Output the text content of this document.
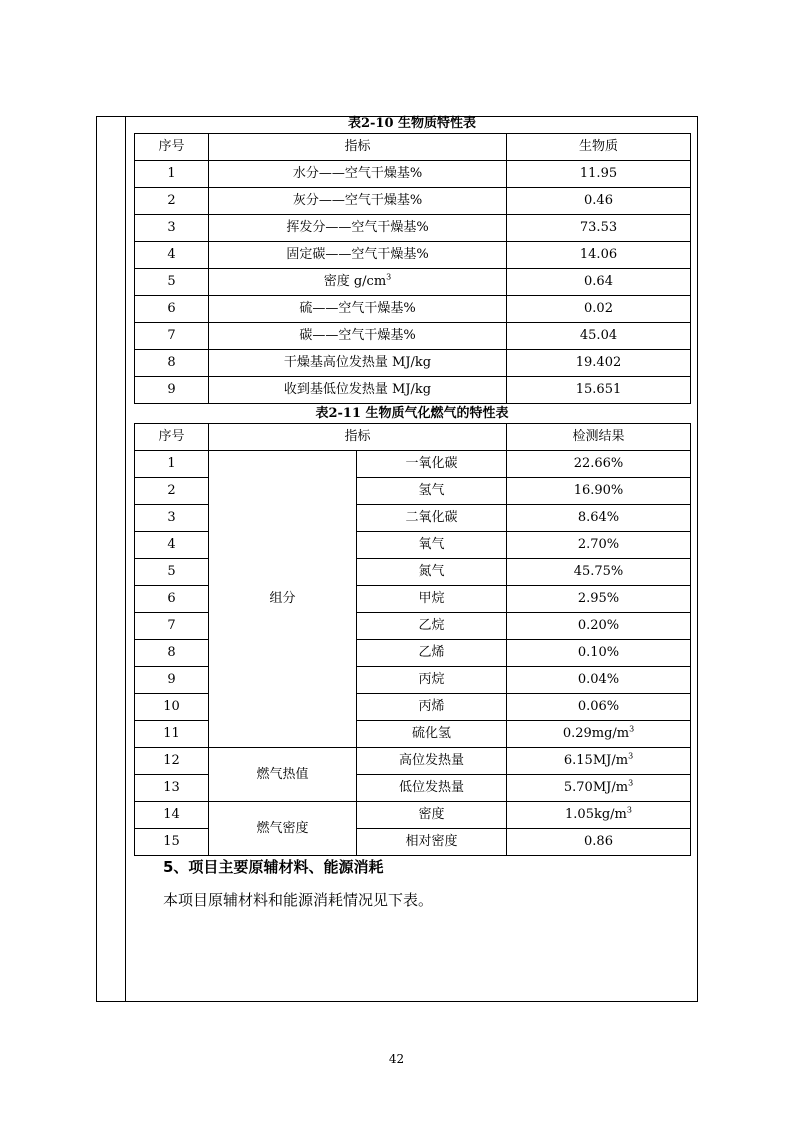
表2-10 生物质特性表
序号	指标	生物质
1	水分——空气干燥基%	11.95
2	灰分——空气干燥基%	0.46
3	挥发分——空气干燥基%	73.53
4	固定碳——空气干燥基%	14.06
5	密度 $g/cm^3$	0.64
6	硫——空气干燥基%	0.02
7	碳——空气干燥基%	45.04
8	干燥基高位发热量 MJ/kg	19.402
9	收到基低位发热量 MJ/kg	15.651
表2-11 生物质气化燃气的特性表
序号	指标		检测结果
1	组分	一氧化碳	22.66%
2		氢气	16.90%
3		二氧化碳	8.64%
4		氧气	2.70%
5		氮气	45.75%
6		甲烷	2.95%
7		乙烷	0.20%
8		乙烯	0.10%
9		丙烷	0.04%
10		丙烯	0.06%
11		硫化氢	$0.29mg/m^3$
12	燃气热值	高位发热量	$6.15MJ/m^3$
13		低位发热量	$5.70MJ/m^3$
14	燃气密度	密度	$1.05kg/m^3$
15		相对密度	0.86
5、项目主要原辅材料、能源消耗
本项目原辅材料和能源消耗情况见下表。
42
